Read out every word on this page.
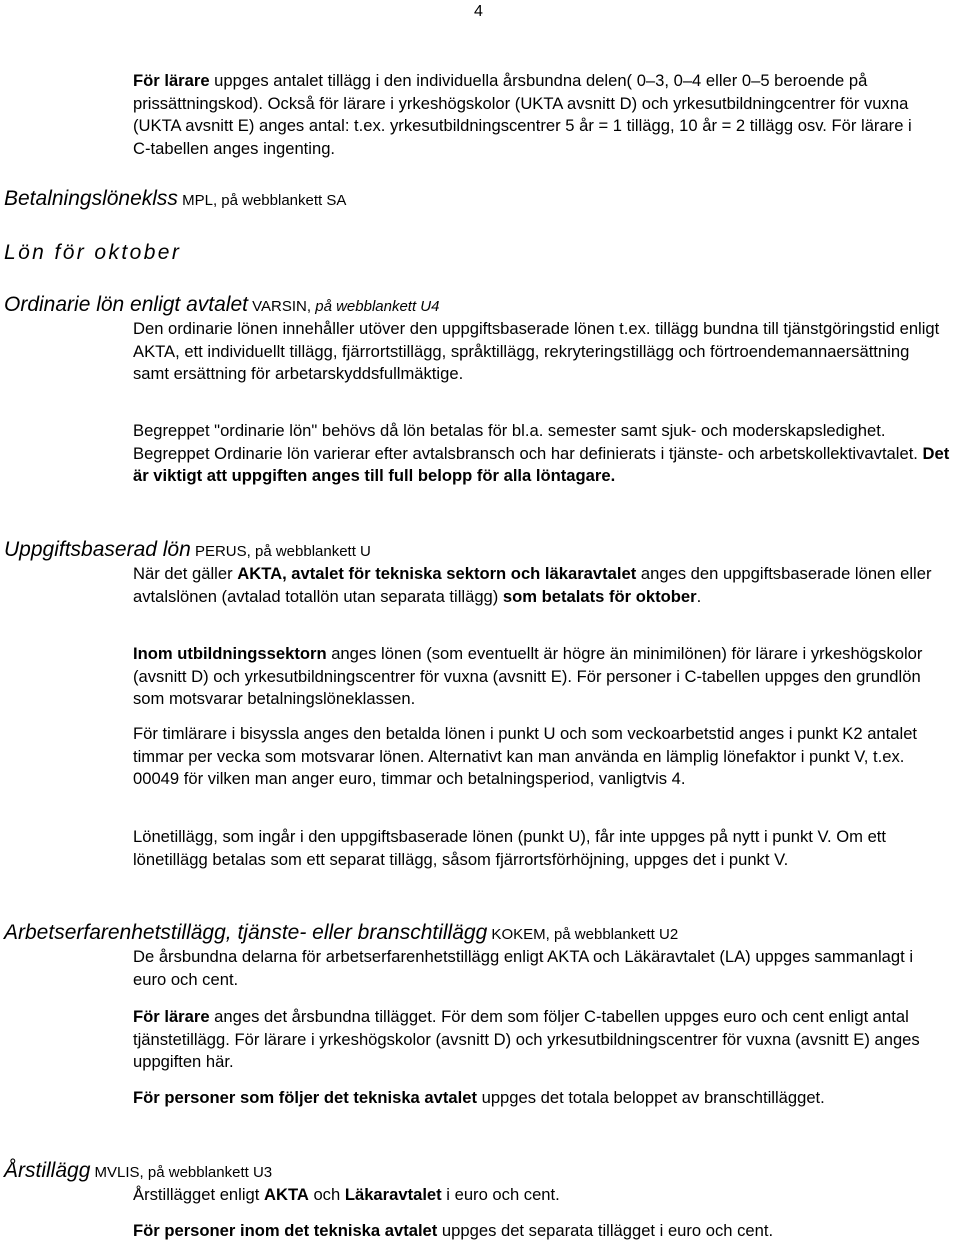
4
För lärare uppges antalet tillägg i den individuella årsbundna delen( 0–3, 0–4 eller 0–5 beroende på prissättningskod). Också för lärare i yrkeshögskolor (UKTA avsnitt D) och yrkesutbildningcentrer för vuxna (UKTA avsnitt E) anges antal: t.ex. yrkesutbildningscentrer 5 år = 1 tillägg, 10 år = 2 tillägg osv. För lärare i C-tabellen anges ingenting.
Betalningslöneklss MPL, på webblankett SA
Lön för oktober
Ordinarie lön enligt avtalet VARSIN, på webblankett U4
Den ordinarie lönen innehåller utöver den uppgiftsbaserade lönen t.ex. tillägg bundna till tjänstgöringstid enligt AKTA, ett individuellt tillägg, fjärrortstillägg, språktillägg, rekryteringstillägg och förtroendemannaersättning samt ersättning för arbetarskyddsfullmäktige.
Begreppet "ordinarie lön" behövs då lön betalas för bl.a. semester samt sjuk- och moderskapsledighet. Begreppet Ordinarie lön varierar efter avtalsbransch och har definierats i tjänste- och arbetskollektivavtalet. Det är viktigt att uppgiften anges till full belopp för alla löntagare.
Uppgiftsbaserad lön PERUS, på webblankett U
När det gäller AKTA, avtalet för tekniska sektorn och läkaravtalet anges den uppgiftsbaserade lönen eller avtalslönen (avtalad totallön utan separata tillägg) som betalats för oktober.
Inom utbildningssektorn anges lönen (som eventuellt är högre än minimilönen) för lärare i yrkeshögskolor (avsnitt D) och yrkesutbildningscentrer för vuxna (avsnitt E). För personer i C-tabellen uppges den grundlön som motsvarar betalningslöneklassen.
För timlärare i bisyssla anges den betalda lönen i punkt U och som veckoarbetstid anges i punkt K2 antalet timmar per vecka som motsvarar lönen. Alternativt kan man använda en lämplig lönefaktor i punkt V, t.ex. 00049 för vilken man anger euro, timmar och betalningsperiod, vanligtvis 4.
Lönetillägg, som ingår i den uppgiftsbaserade lönen (punkt U), får inte uppges på nytt i punkt V. Om ett lönetillägg betalas som ett separat tillägg, såsom fjärrortsförhöjning, uppges det i punkt V.
Arbetserfarenhetstillägg, tjänste- eller branschtillägg KOKEM, på webblankett U2
De årsbundna delarna för arbetserfarenhetstillägg enligt AKTA och Läkäravtalet (LA) uppges sammanlagt i euro och cent.
För lärare anges det årsbundna tillägget. För dem som följer C-tabellen uppges euro och cent enligt antal tjänstetillägg. För lärare i yrkeshögskolor (avsnitt D) och yrkesutbildningscentrer för vuxna (avsnitt E) anges uppgiften här.
För personer som följer det tekniska avtalet uppges det totala beloppet av branschtillägget.
Årstillägg MVLIS, på webblankett U3
Årstillägget enligt AKTA och Läkaravtalet i euro och cent.
För personer inom det tekniska avtalet uppges det separata tillägget i euro och cent.
